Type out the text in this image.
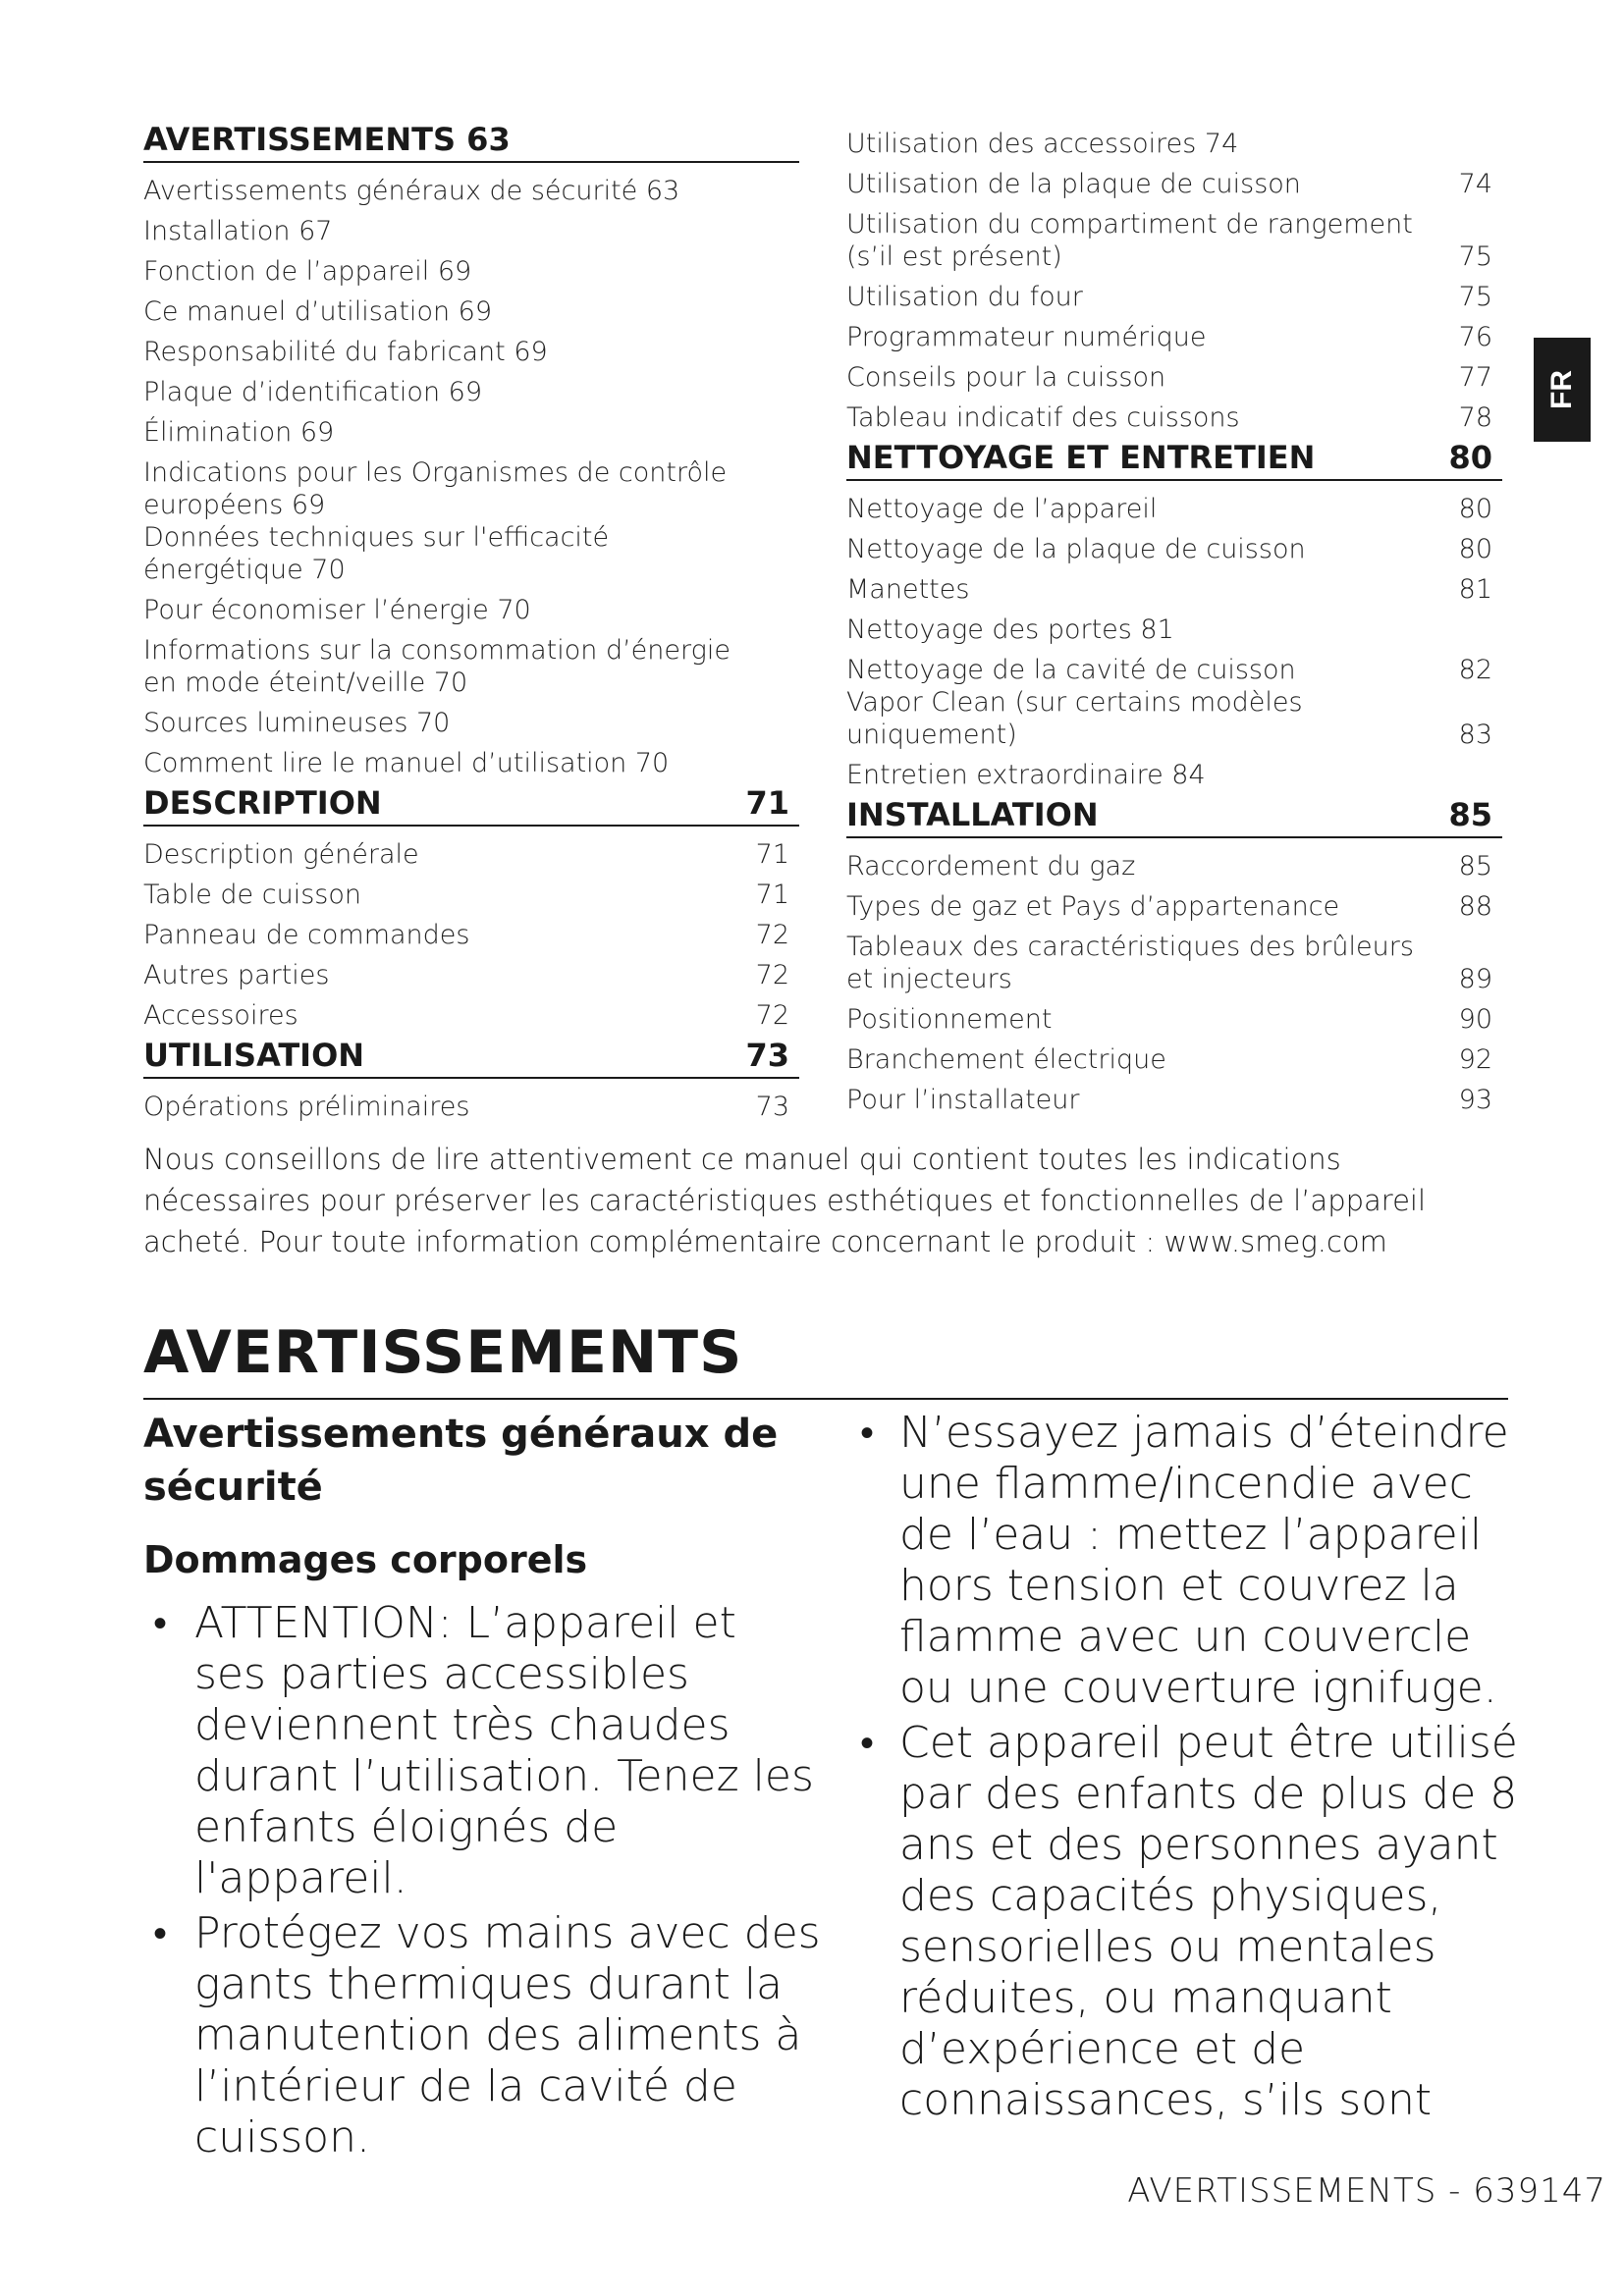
AVERTISSEMENTS 63
Avertissements généraux de sécurité 63
Installation 67
Fonction de l’appareil 69
Ce manuel d’utilisation 69
Responsabilité du fabricant 69
Plaque d’identification 69
Élimination 69
Indications pour les Organismes de contrôle européens 69
Données techniques sur l'efficacité énergétique 70
Pour économiser l’énergie 70
Informations sur la consommation d’énergie en mode éteint/veille 70
Sources lumineuses 70
Comment lire le manuel d’utilisation 70
DESCRIPTION	71
Description générale	71
Table de cuisson	71
Panneau de commandes	72
Autres parties	72
Accessoires	72
UTILISATION	73
Opérations préliminaires	73
Utilisation des accessoires 74
Utilisation de la plaque de cuisson	74
Utilisation du compartiment de rangement (s’il est présent)	75
Utilisation du four	75
Programmateur numérique	76
Conseils pour la cuisson	77
Tableau indicatif des cuissons	78
NETTOYAGE ET ENTRETIEN	80
Nettoyage de l’appareil	80
Nettoyage de la plaque de cuisson	80
Manettes	81
Nettoyage des portes 81
Nettoyage de la cavité de cuisson	82
Vapor Clean (sur certains modèles uniquement)	83
Entretien extraordinaire 84
INSTALLATION	85
Raccordement du gaz	85
Types de gaz et Pays d’appartenance	88
Tableaux des caractéristiques des brûleurs et injecteurs	89
Positionnement	90
Branchement électrique	92
Pour l’installateur	93
FR
Nous conseillons de lire attentivement ce manuel qui contient toutes les indications nécessaires pour préserver les caractéristiques esthétiques et fonctionnelles de l’appareil acheté. Pour toute information complémentaire concernant le produit : www.smeg.com
AVERTISSEMENTS
Avertissements généraux de sécurité
Dommages corporels
• ATTENTION: L’appareil et ses parties accessibles deviennent très chaudes durant l’utilisation. Tenez les enfants éloignés de l'appareil.
• Protégez vos mains avec des gants thermiques durant la manutention des aliments à l’intérieur de la cavité de cuisson.
• N’essayez jamais d’éteindre une flamme/incendie avec de l’eau : mettez l’appareil hors tension et couvrez la flamme avec un couvercle ou une couverture ignifuge.
• Cet appareil peut être utilisé par des enfants de plus de 8 ans et des personnes ayant des capacités physiques, sensorielles ou mentales réduites, ou manquant d’expérience et de connaissances, s’ils sont
AVERTISSEMENTS - 639147
